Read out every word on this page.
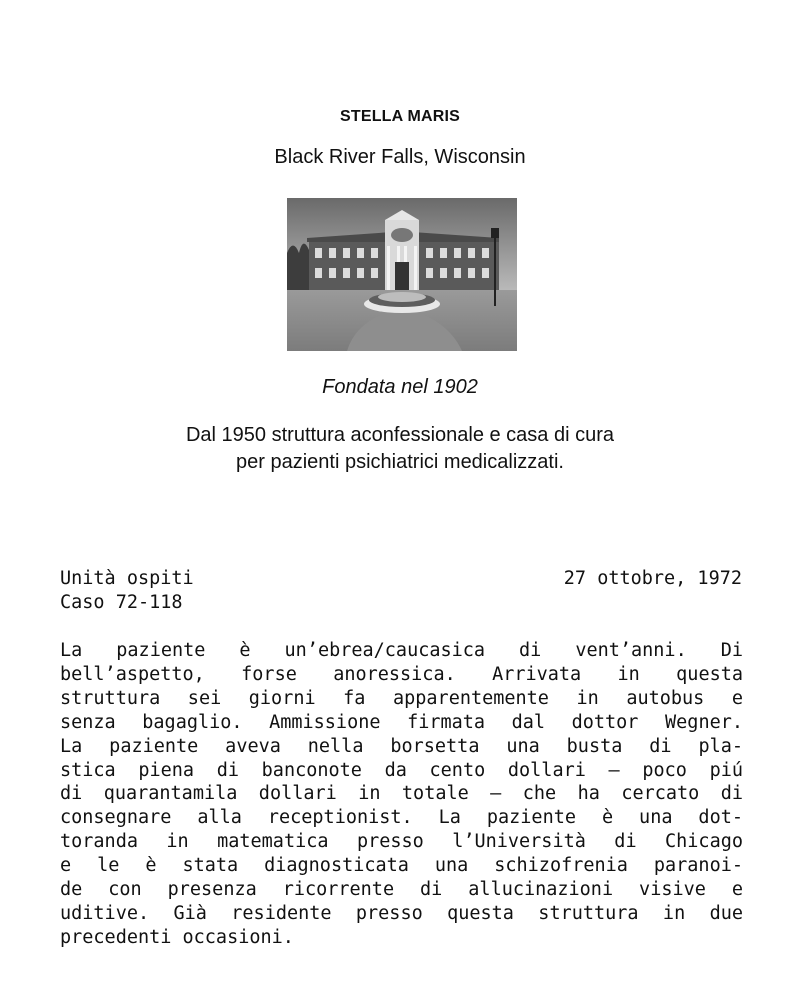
STELLA MARIS
Black River Falls, Wisconsin
Fondata nel 1902
Dal 1950 struttura aconfessionale e casa di cura
per pazienti psichiatrici medicalizzati.
Unità ospiti	27 ottobre, 1972
Caso 72-118
La paziente è un’ebrea/caucasica di vent’anni. Di
bell’aspetto, forse anoressica. Arrivata in questa
struttura sei giorni fa apparentemente in autobus e
senza bagaglio. Ammissione firmata dal dottor Wegner.
La paziente aveva nella borsetta una busta di pla-
stica piena di banconote da cento dollari – poco piú
di quarantamila dollari in totale – che ha cercato di
consegnare alla receptionist. La paziente è una dot-
toranda in matematica presso l’Università di Chicago
e le è stata diagnosticata una schizofrenia paranoi-
de con presenza ricorrente di allucinazioni visive e
uditive. Già residente presso questa struttura in due
precedenti occasioni.
